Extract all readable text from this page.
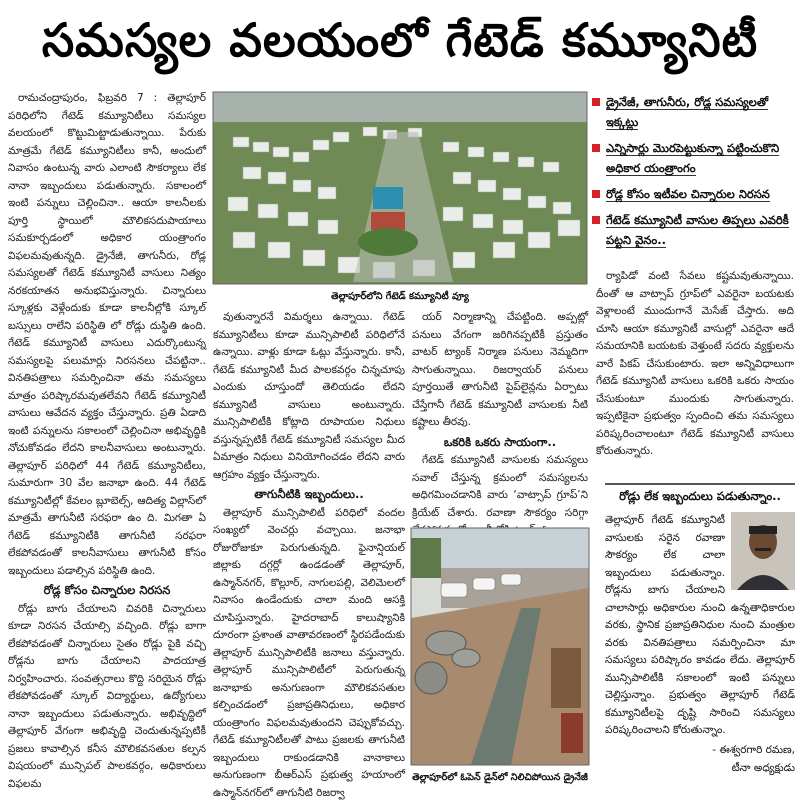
సమస్యల వలయంలో గేటెడ్ కమ్యూనిటీ

రామచంద్రాపురం, ఫిబ్రవరి 7 : తెల్లాపూర్ పరిధిలోని గేటెడ్ కమ్యూనిటీలు సమస్యల వలయంలో కొట్టుమిట్టాడుతున్నాయి. పేరుకు మాత్రమే గేటెడ్ కమ్యూనిటీలు కానీ, అందులో నివాసం ఉంటున్న వారు ఎలాంటి సౌకర్యాలు లేక నానా ఇబ్బందులు పడుతున్నారు. సకాలంలో ఇంటి పన్నులు చెల్లించినా.. ఆయా కాలనీలకు పూర్తి స్థాయిలో మౌలికసదుపాయాలు సమకూర్చడంలో అధికార యంత్రాంగం విఫలమవుతున్నది. డ్రైనేజీ, తాగునీరు, రోడ్ల సమస్యలతో గేటెడ్ కమ్యూనిటీ వాసులు నిత్యం నరకయాతన అనుభవిస్తున్నారు. చిన్నారులు స్కూళ్లకు వెళ్లేందుకు కూడా కాలనీల్లోకి స్కూల్ బస్సులు రాలేని పరిస్థితి లో రోడ్లు దుస్థితి ఉంది. గేటెడ్ కమ్యూనిటీ వాసులు ఎదుర్కొంటున్న సమస్యలపై పలుమార్లు నిరసనలు చేపట్టినా.. వినతిపత్రాలు సమర్పించినా తమ సమస్యలు మాత్రం పరిష్కారమవుతలేవని గేటెడ్ కమ్యూనిటీ వాసులు ఆవేదన వ్యక్తం చేస్తున్నారు. ప్రతి ఏడాది ఇంటి పన్నులను సకాలంలో చెల్లించినా అభివృద్ధికి నోచుకోవడం లేదని కాలనీవాసులు అంటున్నారు. తెల్లాపూర్ పరిధిలో 44 గేటెడ్ కమ్యూనిటీలు, సుమారుగా 30 వేల జనాభా ఉంది. 44 గేటెడ్ కమ్యూనిటీల్లో కేవలం బ్లూబెల్స్, ఆదిత్య విల్లాస్‌లో మాత్రమే తాగునీటి సరఫరా ఉం ది. మిగతా ఏ గేటెడ్ కమ్యూనిటీకి తాగునీటి సరఫరా లేకపోవడంతో కాలనీవాసులు తాగునీటి కోసం ఇబ్బందులు పడాల్సిన పరిస్థితి ఉంది.

రోడ్ల కోసం చిన్నారుల నిరసన

రోడ్లు బాగు చేయాలని చివరికి చిన్నారులు కూడా నిరసన చేయాల్సి వచ్చింది. రోడ్లు బాగా లేకపోవడంతో చిన్నారులు సైతం రోడ్లు పైకి వచ్చి రోడ్లను బాగు చేయాలని పాదయాత్ర నిర్వహించారు. సంవత్సరాలు కొద్ది సరియైన రోడ్లు లేకపోవడంతో స్కూల్ విద్యార్థులు, ఉద్యోగులు నానా ఇబ్బందులు పడుతున్నారు. అభివృద్ధిలో తెల్లాపూర్ వేగంగా అభివృద్ధి చెందుతున్నప్పటికీ ప్రజలు కావాల్సిన కనీస మౌలికవసతుల కల్పన విషయంలో మున్సిపల్ పాలకవర్గం, అధికారులు విఫలమ

తెల్లాపూర్‌లోని గేటెడ్ కమ్యూనిటీ వ్యూ

వుతున్నారనే విమర్శలు ఉన్నాయి. గేటెడ్ కమ్యూనిటీలు కూడా మున్సిపాలిటీ పరిధిలోనే ఉన్నాయి. వాళ్లు కూడా ఓట్లు వేస్తున్నారు. కానీ, గేటెడ్ కమ్యూనిటీ మీద పాలకవర్గం చిన్నచూపు ఎందుకు చూస్తుందో తెలియడం లేదని కమ్యూనిటీ వాసులు అంటున్నారు. మున్సిపాలిటీకి కోట్లాది రూపాయల నిధులు వస్తున్నప్పటికీ గేటెడ్ కమ్యూనిటీ సమస్యల మీద ఏమాత్రం నిధులు వినియోగించడం లేదని వారు ఆగ్రహం వ్యక్తం చేస్తున్నారు.

తాగునీటికి ఇబ్బందులు..

తెల్లాపూర్ మున్సిపాలిటీ పరిధిలో వందల సంఖ్యలో వెంచర్లు వచ్చాయి. జనాభా రోజురోజుకూ పెరుగుతున్నది. ఫైనాన్షియల్ జిల్లాకు దగ్గర్లో ఉండడంతో తెల్లాపూర్, ఉస్మాన్‌నగర్, కొల్లూర్, నాగులపల్లి, వెలిమెలలో నివాసం ఉండేందుకు చాలా మంది ఆసక్తి చూపిస్తున్నారు. హైదరాబాద్ కాలుష్యానికి దూరంగా ప్రశాంత వాతావరణంలో స్థిరపడేందుకు తెల్లాపూర్ మున్సిపాలిటీకి జనాలు వస్తున్నారు. తెల్లాపూర్ మున్సిపాలిటీలో పెరుగుతున్న జనాభాకు అనుగుణంగా మౌలికవసతుల కల్పించడంలో ప్రజాప్రతినిధులు, అధికార యంత్రాంగం విఫలమవుతుందని చెప్పుకోవచ్చు. గేటెడ్ కమ్యూనిటీలతో పాటు ప్రజలకు తాగునీటి ఇబ్బందులు రాకుండడానికి వానాకాలు అనుగుణంగా బీఆర్‌ఎస్ ప్రభుత్వ హయాంలో ఉస్మాన్‌నగర్‌లో తాగునీటి రిజర్వా

యర్ నిర్మాణాన్ని చేపట్టింది. అప్పట్లో పనులు వేగంగా జరిగినప్పటికీ ప్రస్తుతం వాటర్ ట్యాంక్ నిర్మాణ పనులు నెమ్మదిగా సాగుతున్నాయి. రిజర్వాయర్ పనులు పూర్తయితే తాగునీటి పైప్‌లైన్లను ఏర్పాటు చేస్తేగానీ గేటెడ్ కమ్యూనిటీ వాసులకు నీటి కష్టాలు తీరవు.

ఒకరికి ఒకరు సాయంగా..

గేటెడ్ కమ్యూనిటీ వాసులకు సమస్యలు సవాల్ చేస్తున్న క్రమంలో సమస్యలను అధిగమించడానికి వారు ‘వాట్సాప్ గ్రూప్’ని క్రియేట్ చేశారు. రవాణా సౌకర్యం సరిగ్గా

తెల్లాపూర్‌లో ఓపెన్ డైన్‌లో నిలిచిపోయిన డ్రైనేజీ
డ్రైనేజీ, తాగునీరు, రోడ్ల సమస్యలతో ఇక్కట్లు
ఎన్నిసార్లు మొరపెట్టుకున్నా పట్టించుకొని అధికార యంత్రాంగం
రోడ్ల కోసం ఇటీవల చిన్నారుల నిరసన
గేటెడ్ కమ్యూనిటీ వాసుల తిప్పలు ఎవరికీ పట్టని వైనం..

ర్యాపిడో వంటి సేవలు కష్టమవుతున్నాయి. దీంతో ఆ వాట్సాప్ గ్రూప్‌లో ఎవరైనా బయటకు వెళ్లాలంటే ముందుగానే మెసేజ్ చేస్తారు. అది చూసి ఆయా కమ్యూనిటీ వాసుల్లో ఎవరైనా ఆదే సమయానికి బయటకు వెళ్తుంటే సదరు వ్యక్తులను వారే పికప్ చేసుకుంటారు. ఇలా అన్నివిధాలుగా గేటెడ్ కమ్యూనిటీ వాసులు ఒకరికి ఒకరు సాయం చేసుకుంటూ ముందుకు సాగుతున్నారు. ఇప్పటికైనా ప్రభుత్వం స్పందించి తమ సమస్యలు పరిష్కరించాలంటూ గేటెడ్ కమ్యూనిటీ వాసులు కోరుతున్నారు.

రోడ్లు లేక ఇబ్బందులు పడుతున్నాం..
తెల్లాపూర్ గేటెడ్ కమ్యూనిటీ వాసులకు సరైన రవాణా సౌకర్యం లేక చాలా ఇబ్బందులు పడుతున్నాం. రోడ్లను బాగు చేయాలని చాలాసార్లు అధికారుల నుంచి ఉన్నతాధికారుల వరకు, స్థానిక ప్రజాప్రతినిధుల నుంచి మంత్రుల వరకు వినతిపత్రాలు సమర్పించినా మా సమస్యలు పరిష్కారం కావడం లేదు. తెల్లాపూర్ మున్సిపాలిటీకి సకాలంలో ఇంటి పన్నులు చెల్లిస్తున్నాం. ప్రభుత్వం తెల్లాపూర్ గేటెడ్ కమ్యూనిటీలపై దృష్టి సారించి సమస్యలు పరిష్కరించాలని కోరుతున్నాం.
- ఈశ్వరగారి రమణ,
టీనా అధ్యక్షుడు
